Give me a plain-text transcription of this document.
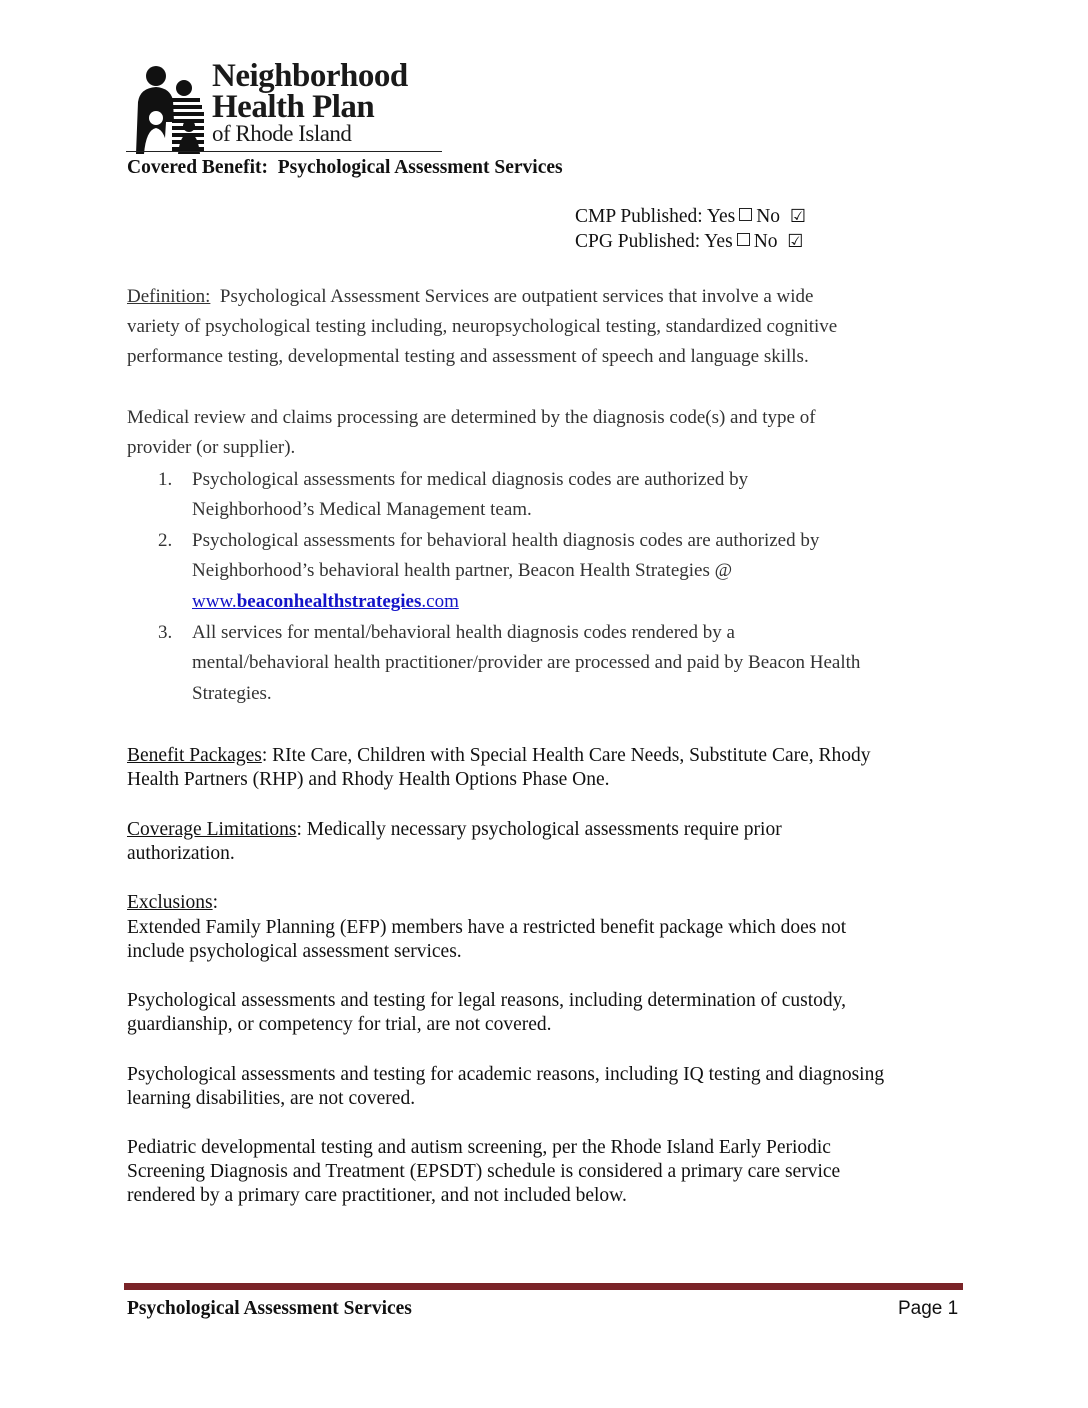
Neighborhood
Health Plan
of Rhode Island
Covered Benefit: Psychological Assessment Services
CMP Published: Yes No ☑
CPG Published: Yes No ☑
Definition: Psychological Assessment Services are outpatient services that involve a wide
variety of psychological testing including, neuropsychological testing, standardized cognitive
performance testing, developmental testing and assessment of speech and language skills.
Medical review and claims processing are determined by the diagnosis code(s) and type of
provider (or supplier).
1. Psychological assessments for medical diagnosis codes are authorized by
Neighborhood’s Medical Management team.
2. Psychological assessments for behavioral health diagnosis codes are authorized by
Neighborhood’s behavioral health partner, Beacon Health Strategies @
www.beaconhealthstrategies.com
3. All services for mental/behavioral health diagnosis codes rendered by a
mental/behavioral health practitioner/provider are processed and paid by Beacon Health
Strategies.
Benefit Packages: RIte Care, Children with Special Health Care Needs, Substitute Care, Rhody
Health Partners (RHP) and Rhody Health Options Phase One.
Coverage Limitations: Medically necessary psychological assessments require prior
authorization.
Exclusions:
Extended Family Planning (EFP) members have a restricted benefit package which does not
include psychological assessment services.
Psychological assessments and testing for legal reasons, including determination of custody,
guardianship, or competency for trial, are not covered.
Psychological assessments and testing for academic reasons, including IQ testing and diagnosing
learning disabilities, are not covered.
Pediatric developmental testing and autism screening, per the Rhode Island Early Periodic
Screening Diagnosis and Treatment (EPSDT) schedule is considered a primary care service
rendered by a primary care practitioner, and not included below.
Psychological Assessment Services	Page 1
